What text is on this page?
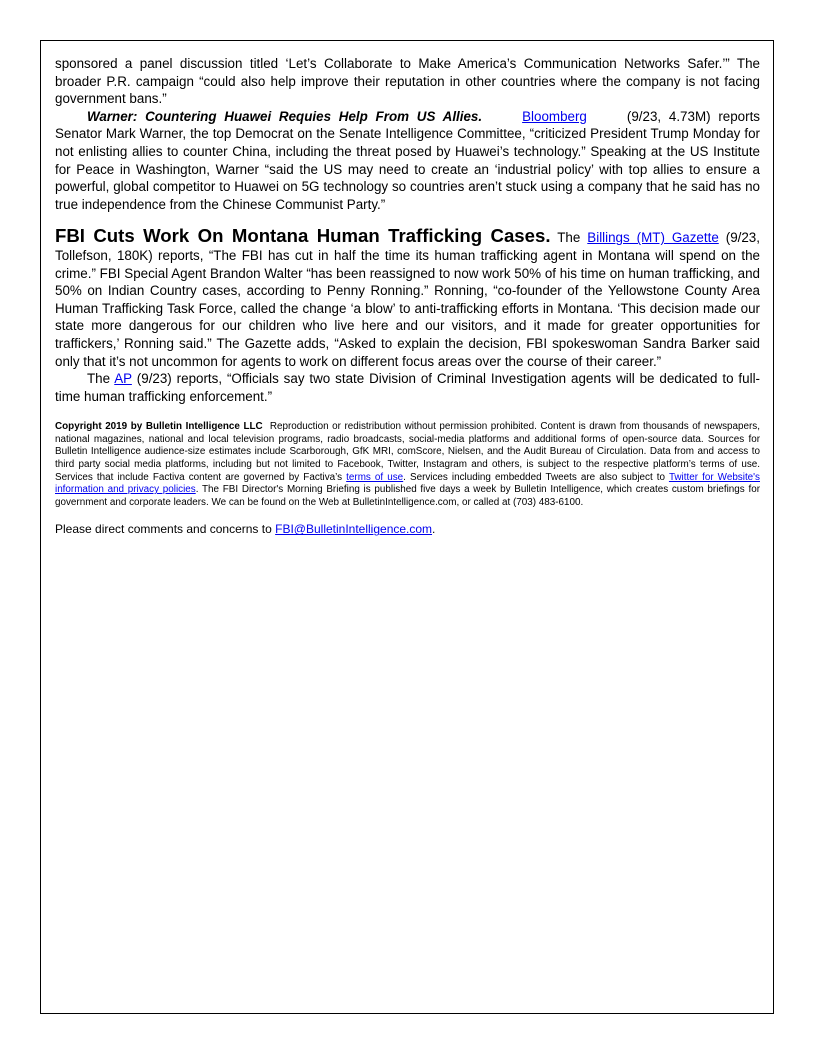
sponsored a panel discussion titled ‘Let’s Collaborate to Make America’s Communication Networks Safer.’” The broader P.R. campaign “could also help improve their reputation in other countries where the company is not facing government bans.”

Warner: Countering Huawei Requies Help From US Allies.	Bloomberg	(9/23, 4.73M) reports Senator Mark Warner, the top Democrat on the Senate Intelligence Committee, “criticized President Trump Monday for not enlisting allies to counter China, including the threat posed by Huawei’s technology.” Speaking at the US Institute for Peace in Washington, Warner “said the US may need to create an ‘industrial policy’ with top allies to ensure a powerful, global competitor to Huawei on 5G technology so countries aren’t stuck using a company that he said has no true independence from the Chinese Communist Party.”

FBI Cuts Work On Montana Human Trafficking Cases. The Billings (MT) Gazette (9/23, Tollefson, 180K) reports, “The FBI has cut in half the time its human trafficking agent in Montana will spend on the crime.” FBI Special Agent Brandon Walter “has been reassigned to now work 50% of his time on human trafficking, and 50% on Indian Country cases, according to Penny Ronning.” Ronning, “co-founder of the Yellowstone County Area Human Trafficking Task Force, called the change ‘a blow’ to anti-trafficking efforts in Montana. ‘This decision made our state more dangerous for our children who live here and our visitors, and it made for greater opportunities for traffickers,’ Ronning said.” The Gazette adds, “Asked to explain the decision, FBI spokeswoman Sandra Barker said only that it’s not uncommon for agents to work on different focus areas over the course of their career.”

The AP (9/23) reports, “Officials say two state Division of Criminal Investigation agents will be dedicated to full-time human trafficking enforcement.”

Copyright 2019 by Bulletin Intelligence LLC Reproduction or redistribution without permission prohibited. Content is drawn from thousands of newspapers, national magazines, national and local television programs, radio broadcasts, social-media platforms and additional forms of open-source data. Sources for Bulletin Intelligence audience-size estimates include Scarborough, GfK MRI, comScore, Nielsen, and the Audit Bureau of Circulation. Data from and access to third party social media platforms, including but not limited to Facebook, Twitter, Instagram and others, is subject to the respective platform’s terms of use. Services that include Factiva content are governed by Factiva’s terms of use. Services including embedded Tweets are also subject to Twitter for Website's information and privacy policies. The FBI Director's Morning Briefing is published five days a week by Bulletin Intelligence, which creates custom briefings for government and corporate leaders. We can be found on the Web at BulletinIntelligence.com, or called at (703) 483-6100.

Please direct comments and concerns to FBI@BulletinIntelligence.com.
